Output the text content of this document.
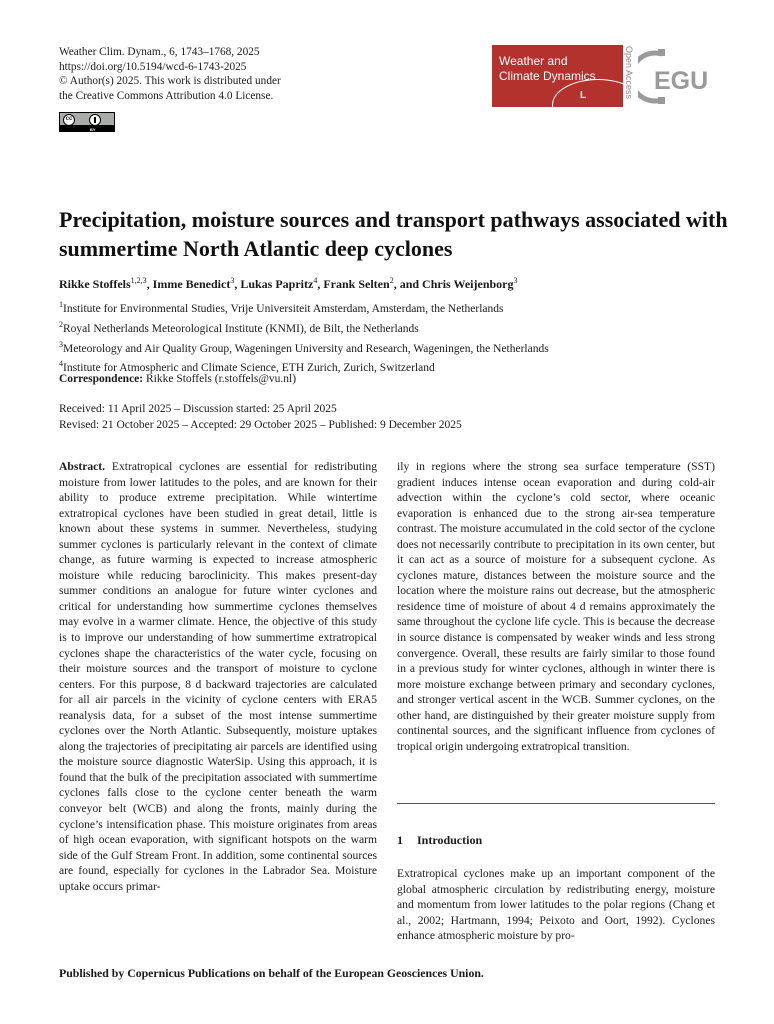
Weather Clim. Dynam., 6, 1743–1768, 2025
https://doi.org/10.5194/wcd-6-1743-2025
© Author(s) 2025. This work is distributed under
the Creative Commons Attribution 4.0 License.
cc
BY
Weather and
Climate Dynamics
L	Open Access EGU
Precipitation, moisture sources and transport pathways associated with summertime North Atlantic deep cyclones
Rikke Stoffels$^{1,2,3}$, Imme Benedict$^3$, Lukas Papritz$^4$, Frank Selten$^2$, and Chris Weijenborg$^3$
$^1$Institute for Environmental Studies, Vrije Universiteit Amsterdam, Amsterdam, the Netherlands
$^2$Royal Netherlands Meteorological Institute (KNMI), de Bilt, the Netherlands
$^3$Meteorology and Air Quality Group, Wageningen University and Research, Wageningen, the Netherlands
$^4$Institute for Atmospheric and Climate Science, ETH Zurich, Zurich, Switzerland
Correspondence: Rikke Stoffels (r.stoffels@vu.nl)
Received: 11 April 2025 – Discussion started: 25 April 2025
Revised: 21 October 2025 – Accepted: 29 October 2025 – Published: 9 December 2025
Abstract. Extratropical cyclones are essential for redistributing moisture from lower latitudes to the poles, and are known for their ability to produce extreme precipitation. While wintertime extratropical cyclones have been studied in great detail, little is known about these systems in summer. Nevertheless, studying summer cyclones is particularly relevant in the context of climate change, as future warming is expected to increase atmospheric moisture while reducing baroclinicity. This makes present-day summer conditions an analogue for future winter cyclones and critical for understanding how summertime cyclones themselves may evolve in a warmer climate. Hence, the objective of this study is to improve our understanding of how summertime extratropical cyclones shape the characteristics of the water cycle, focusing on their moisture sources and the transport of moisture to cyclone centers. For this purpose, 8 d backward trajectories are calculated for all air parcels in the vicinity of cyclone centers with ERA5 reanalysis data, for a subset of the most intense summertime cyclones over the North Atlantic. Subsequently, moisture uptakes along the trajectories of precipitating air parcels are identified using the moisture source diagnostic WaterSip. Using this approach, it is found that the bulk of the precipitation associated with summertime cyclones falls close to the cyclone center beneath the warm conveyor belt (WCB) and along the fronts, mainly during the cyclone’s intensification phase. This moisture originates from areas of high ocean evaporation, with significant hotspots on the warm side of the Gulf Stream Front. In addition, some continental sources are found, especially for cyclones in the Labrador Sea. Moisture uptake occurs primar-
ily in regions where the strong sea surface temperature (SST) gradient induces intense ocean evaporation and during cold-air advection within the cyclone’s cold sector, where oceanic evaporation is enhanced due to the strong air-sea temperature contrast. The moisture accumulated in the cold sector of the cyclone does not necessarily contribute to precipitation in its own center, but it can act as a source of moisture for a subsequent cyclone. As cyclones mature, distances between the moisture source and the location where the moisture rains out decrease, but the atmospheric residence time of moisture of about 4 d remains approximately the same throughout the cyclone life cycle. This is because the decrease in source distance is compensated by weaker winds and less strong convergence. Overall, these results are fairly similar to those found in a previous study for winter cyclones, although in winter there is more moisture exchange between primary and secondary cyclones, and stronger vertical ascent in the WCB. Summer cyclones, on the other hand, are distinguished by their greater moisture supply from continental sources, and the significant influence from cyclones of tropical origin undergoing extratropical transition.
1 Introduction
Extratropical cyclones make up an important component of the global atmospheric circulation by redistributing energy, moisture and momentum from lower latitudes to the polar regions (Chang et al., 2002; Hartmann, 1994; Peixoto and Oort, 1992). Cyclones enhance atmospheric moisture by pro-
Published by Copernicus Publications on behalf of the European Geosciences Union.
